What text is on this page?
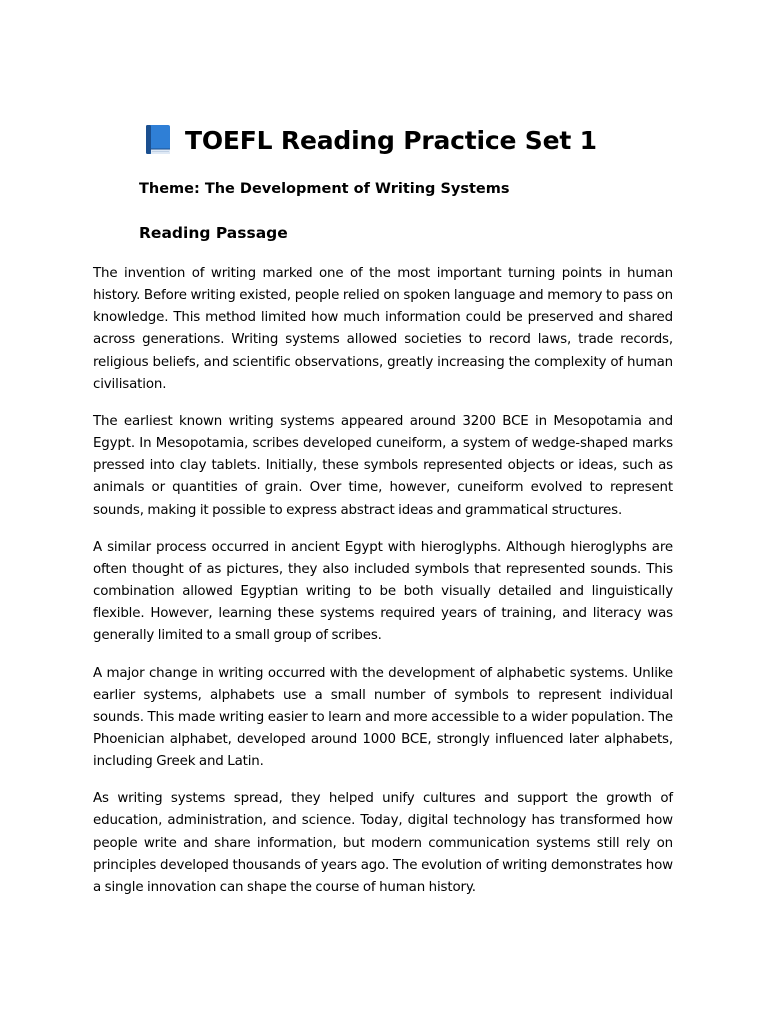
TOEFL Reading Practice Set 1
Theme: The Development of Writing Systems
Reading Passage

The invention of writing marked one of the most important turning points in human history. Before writing existed, people relied on spoken language and memory to pass on knowledge. This method limited how much information could be preserved and shared across generations. Writing systems allowed societies to record laws, trade records, religious beliefs, and scientific observations, greatly increasing the complexity of human civilisation.

The earliest known writing systems appeared around 3200 BCE in Mesopotamia and Egypt. In Mesopotamia, scribes developed cuneiform, a system of wedge-shaped marks pressed into clay tablets. Initially, these symbols represented objects or ideas, such as animals or quantities of grain. Over time, however, cuneiform evolved to represent sounds, making it possible to express abstract ideas and grammatical structures.

A similar process occurred in ancient Egypt with hieroglyphs. Although hieroglyphs are often thought of as pictures, they also included symbols that represented sounds. This combination allowed Egyptian writing to be both visually detailed and linguistically flexible. However, learning these systems required years of training, and literacy was generally limited to a small group of scribes.

A major change in writing occurred with the development of alphabetic systems. Unlike earlier systems, alphabets use a small number of symbols to represent individual sounds. This made writing easier to learn and more accessible to a wider population. The Phoenician alphabet, developed around 1000 BCE, strongly influenced later alphabets, including Greek and Latin.

As writing systems spread, they helped unify cultures and support the growth of education, administration, and science. Today, digital technology has transformed how people write and share information, but modern communication systems still rely on principles developed thousands of years ago. The evolution of writing demonstrates how a single innovation can shape the course of human history.
